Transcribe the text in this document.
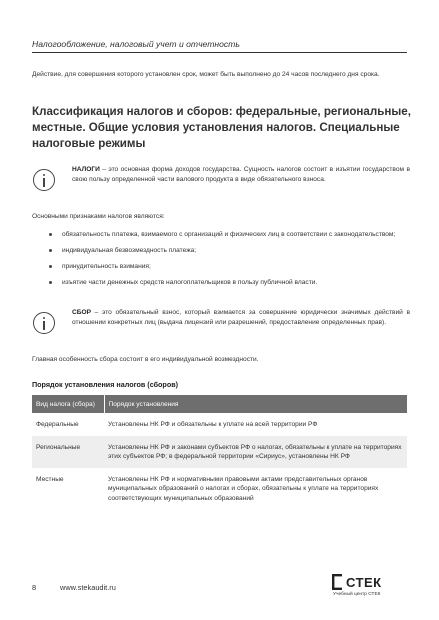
Налогообложение, налоговый учет и отчетность

Действие, для совершения которого установлен срок, может быть выполнено до 24 часов последнего дня срока.

Классификация налогов и сборов: федеральные, региональные, местные. Общие условия установления налогов. Специальные налоговые режимы

НАЛОГИ – это основная форма доходов государства. Сущность налогов состоит в изъятии государством в свою пользу определенной части валового продукта в виде обязательного взноса.

Основными признаками налогов являются:
обязательность платежа, взимаемого с организаций и физических лиц в соответствии с законодательством;
индивидуальная безвозмездность платежа;
принудительность взимания;
изъятие части денежных средств налогоплательщиков в пользу публичной власти.

СБОР – это обязательный взнос, который взимается за совершение юридически значимых действий в отношении конкретных лиц (выдача лицензий или разрешений, предоставление определенных прав).

Главная особенность сбора состоит в его индивидуальной возмездности.
Порядок установления налогов (сборов)
Вид налога (сбора)	Порядок установления
Федеральные	Установлены НК РФ и обязательны к уплате на всей территории РФ
Региональные	Установлены НК РФ и законами субъектов РФ о налогах, обязательны к уплате на территориях этих субъектов РФ; в федеральной территории «Сириус», установлены НК РФ
Местные	Установлены НК РФ и нормативными правовыми актами представительных органов муниципальных образований о налогах и сборах, обязательны к уплате на территориях соответствующих муниципальных образований
8	www.stekaudit.ru	СТЕК
Учебный центр СТЕК
